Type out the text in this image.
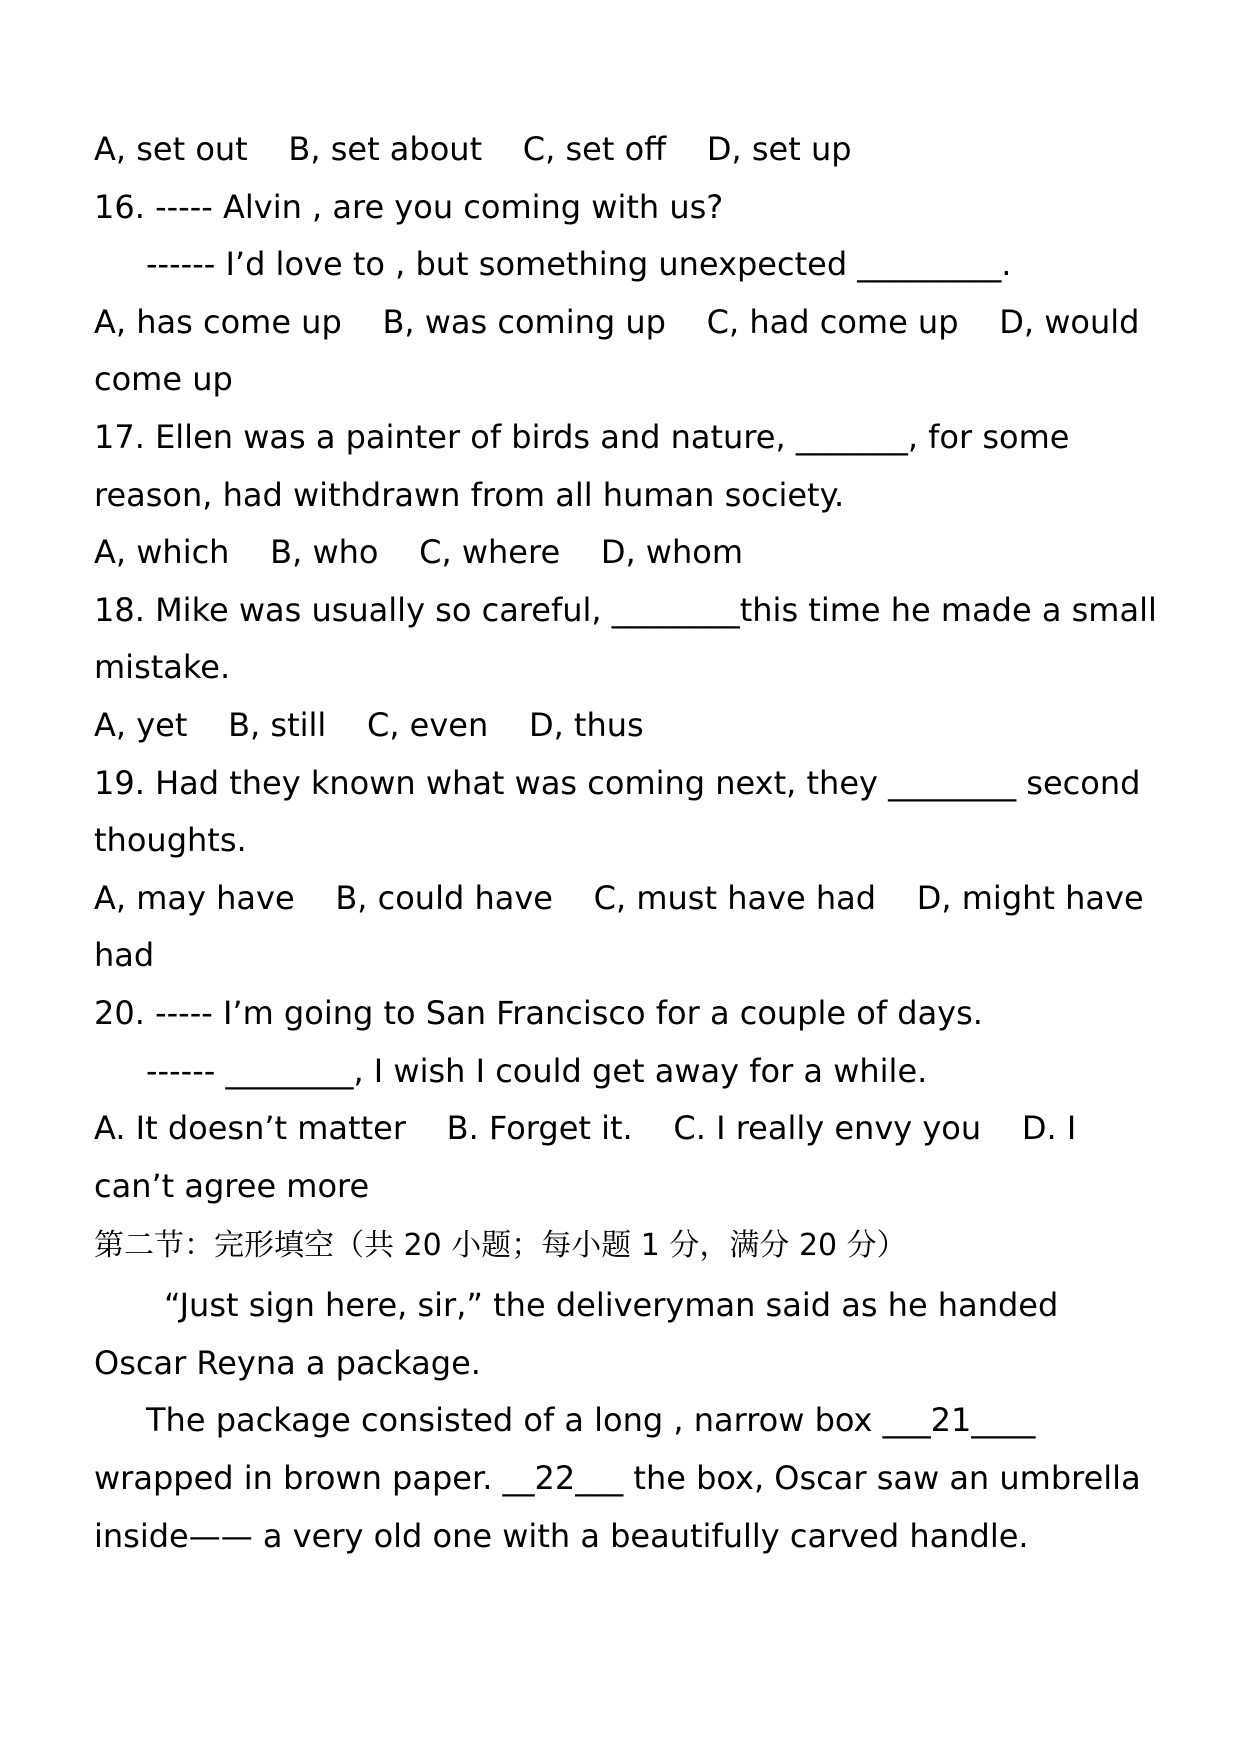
A, set out    B, set about    C, set off    D, set up
16. ----- Alvin , are you coming with us?
------ I’d love to , but something unexpected _________.
A, has come up    B, was coming up    C, had come up    D, would
come up
17. Ellen was a painter of birds and nature, _______, for some
reason, had withdrawn from all human society.
A, which    B, who    C, where    D, whom
18. Mike was usually so careful, ________this time he made a small
mistake.
A, yet    B, still    C, even    D, thus
19. Had they known what was coming next, they ________ second
thoughts.
A, may have    B, could have    C, must have had    D, might have
had
20. ----- I’m going to San Francisco for a couple of days.
------ ________, I wish I could get away for a while.
A. It doesn’t matter    B. Forget it.    C. I really envy you    D. I
can’t agree more
第二节：完形填空（共 20 小题；每小题 1 分，满分 20 分）
“Just sign here, sir,” the deliveryman said as he handed
Oscar Reyna a package.
The package consisted of a long , narrow box ___21____
wrapped in brown paper. __22___ the box, Oscar saw an umbrella
inside—— a very old one with a beautifully carved handle.
